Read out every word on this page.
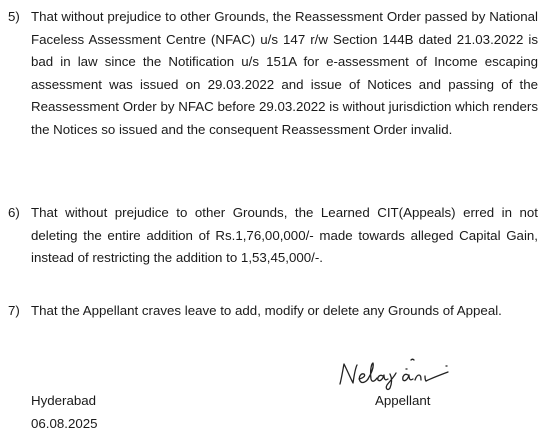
5) That without prejudice to other Grounds, the Reassessment Order passed by National Faceless Assessment Centre (NFAC) u/s 147 r/w Section 144B dated 21.03.2022 is bad in law since the Notification u/s 151A for e-assessment of Income escaping assessment was issued on 29.03.2022 and issue of Notices and passing of the Reassessment Order by NFAC before 29.03.2022 is without jurisdiction which renders the Notices so issued and the consequent Reassessment Order invalid.
6) That without prejudice to other Grounds, the Learned CIT(Appeals) erred in not deleting the entire addition of Rs.1,76,00,000/- made towards alleged Capital Gain, instead of restricting the addition to 1,53,45,000/-.
7) That the Appellant craves leave to add, modify or delete any Grounds of Appeal.
Hyderabad
06.08.2025
Appellant
